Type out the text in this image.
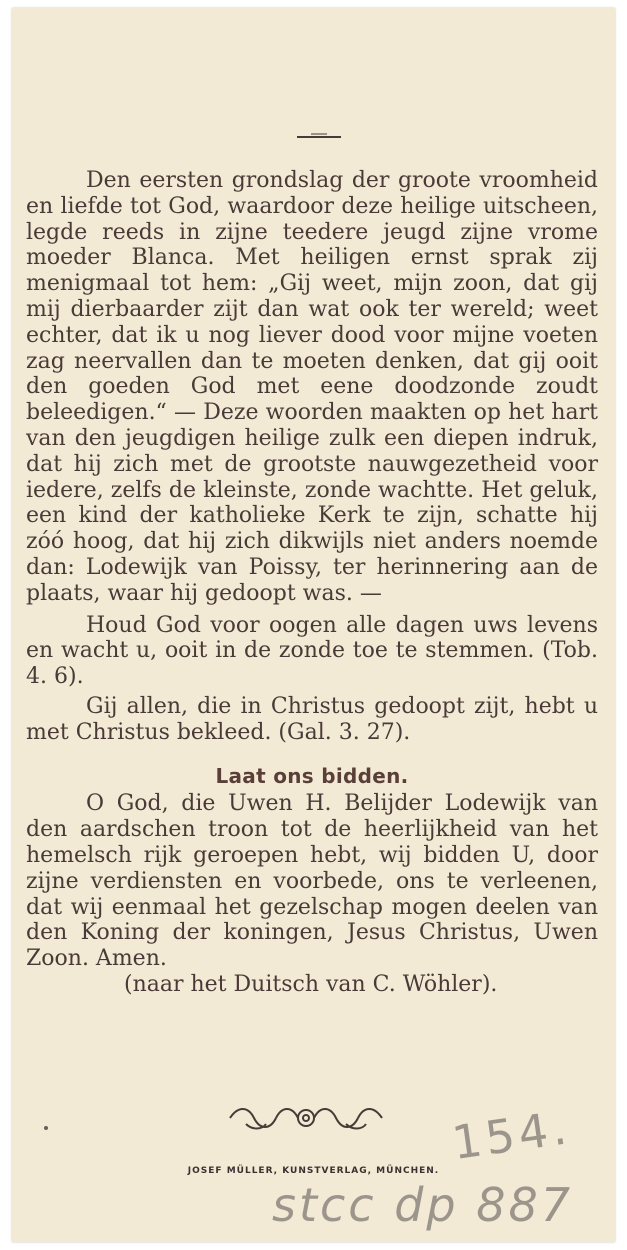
Den eersten grondslag der groote vroomheid en liefde tot God, waardoor deze heilige uitscheen, legde reeds in zijne teedere jeugd zijne vrome moeder Blanca. Met heiligen ernst sprak zij menigmaal tot hem: „Gij weet, mijn zoon, dat gij mij dierbaarder zijt dan wat ook ter wereld; weet echter, dat ik u nog liever dood voor mijne voeten zag neervallen dan te moeten denken, dat gij ooit den goeden God met eene doodzonde zoudt beleedigen.“ — Deze woorden maakten op het hart van den jeugdigen heilige zulk een diepen indruk, dat hij zich met de grootste nauwgezetheid voor iedere, zelfs de kleinste, zonde wachtte. Het geluk, een kind der katholieke Kerk te zijn, schatte hij zóó hoog, dat hij zich dikwijls niet anders noemde dan: Lodewijk van Poissy, ter herinnering aan de plaats, waar hij gedoopt was. —

Houd God voor oogen alle dagen uws levens en wacht u, ooit in de zonde toe te stemmen. (Tob. 4. 6).

Gij allen, die in Christus gedoopt zijt, hebt u met Christus bekleed. (Gal. 3. 27).

Laat ons bidden.

O God, die Uwen H. Belijder Lodewijk van den aardschen troon tot de heerlijkheid van het hemelsch rijk geroepen hebt, wij bidden U, door zijne verdiensten en voorbede, ons te verleenen, dat wij eenmaal het gezelschap mogen deelen van den Koning der koningen, Jesus Christus, Uwen Zoon. Amen.

(naar het Duitsch van C. Wöhler).

JOSEF MÜLLER, KUNSTVERLAG, MÜNCHEN.
154.
stcc dp 887
